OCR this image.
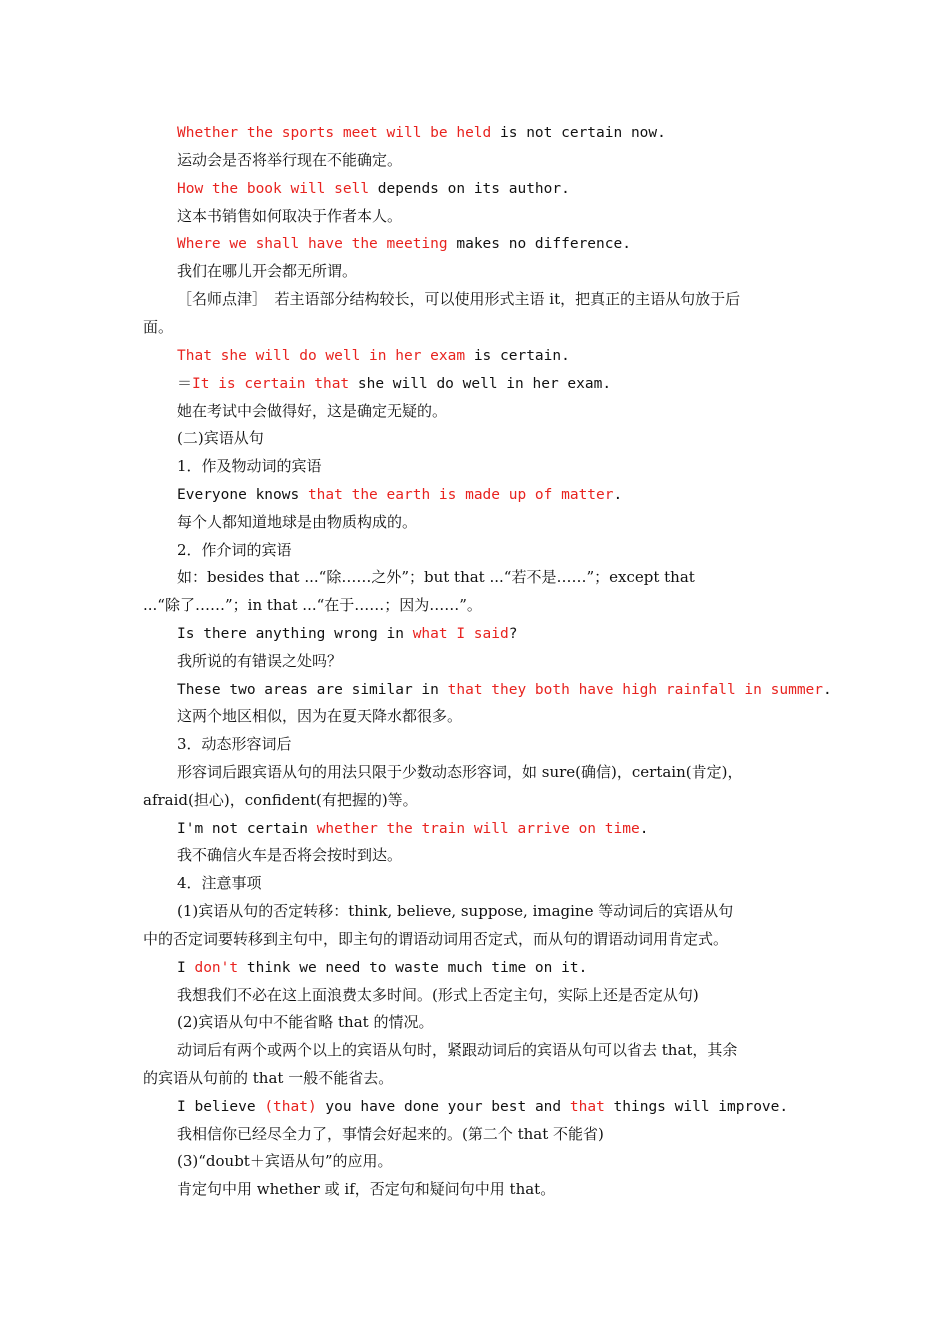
Whether the sports meet will be held is not certain now.
运动会是否将举行现在不能确定。
How the book will sell depends on its author.
这本书销售如何取决于作者本人。
Where we shall have the meeting makes no difference.
我们在哪儿开会都无所谓。
［名师点津］　若主语部分结构较长，可以使用形式主语 it，把真正的主语从句放于后
面。
That she will do well in her exam is certain.
＝It is certain that she will do well in her exam.
她在考试中会做得好，这是确定无疑的。
(二)宾语从句
1．作及物动词的宾语
Everyone knows that the earth is made up of matter.
每个人都知道地球是由物质构成的。
2．作介词的宾语
如：besides that ...“除……之外”；but that ...“若不是……”；except that
...“除了……”；in that ...“在于……；因为……”。
Is there anything wrong in what I said?
我所说的有错误之处吗？
These two areas are similar in that they both have high rainfall in summer.
这两个地区相似，因为在夏天降水都很多。
3．动态形容词后
形容词后跟宾语从句的用法只限于少数动态形容词，如 sure(确信)，certain(肯定)，
afraid(担心)，confident(有把握的)等。
I'm not certain whether the train will arrive on time.
我不确信火车是否将会按时到达。
4．注意事项
(1)宾语从句的否定转移：think, believe, suppose, imagine 等动词后的宾语从句
中的否定词要转移到主句中，即主句的谓语动词用否定式，而从句的谓语动词用肯定式。
I don't think we need to waste much time on it.
我想我们不必在这上面浪费太多时间。(形式上否定主句，实际上还是否定从句)
(2)宾语从句中不能省略 that 的情况。
动词后有两个或两个以上的宾语从句时，紧跟动词后的宾语从句可以省去 that，其余
的宾语从句前的 that 一般不能省去。
I believe (that) you have done your best and that things will improve.
我相信你已经尽全力了，事情会好起来的。(第二个 that 不能省)
(3)“doubt＋宾语从句”的应用。
肯定句中用 whether 或 if，否定句和疑问句中用 that。
